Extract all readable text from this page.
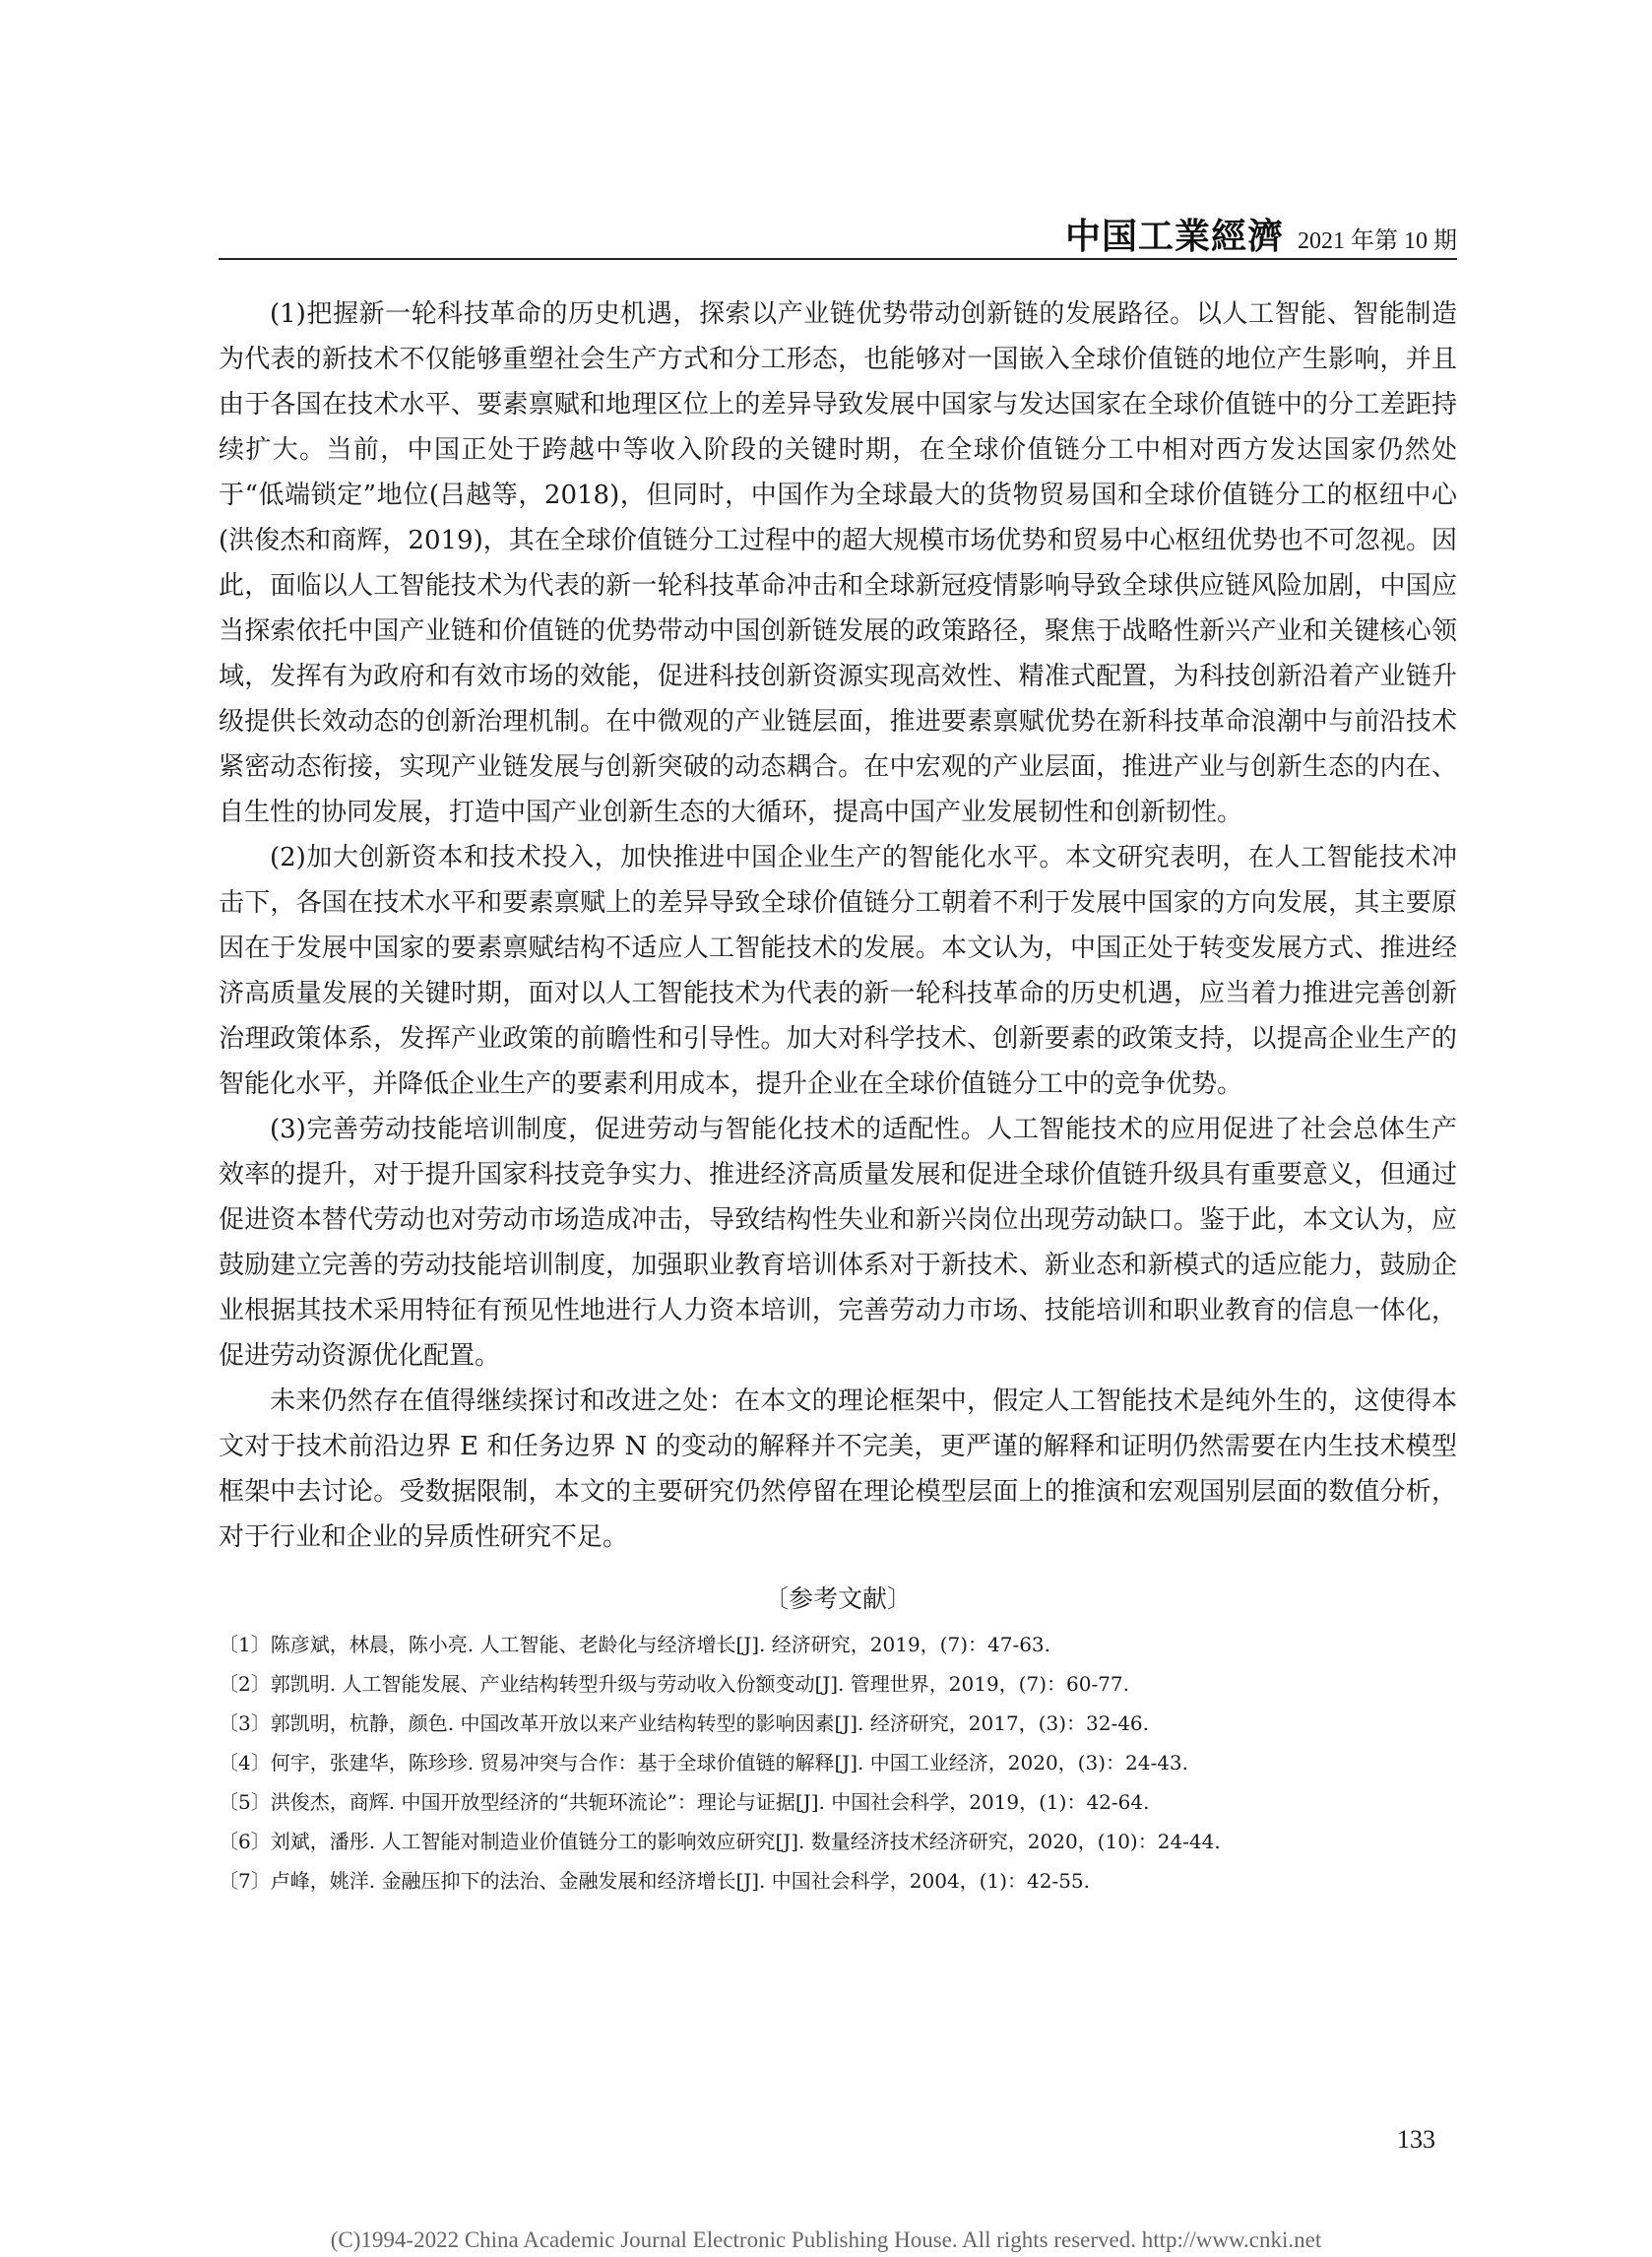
中国工業經濟 2021 年第 10 期

(1)把握新一轮科技革命的历史机遇，探索以产业链优势带动创新链的发展路径。以人工智能、智能制造为代表的新技术不仅能够重塑社会生产方式和分工形态，也能够对一国嵌入全球价值链的地位产生影响，并且由于各国在技术水平、要素禀赋和地理区位上的差异导致发展中国家与发达国家在全球价值链中的分工差距持续扩大。当前，中国正处于跨越中等收入阶段的关键时期，在全球价值链分工中相对西方发达国家仍然处于“低端锁定”地位(吕越等，2018)，但同时，中国作为全球最大的货物贸易国和全球价值链分工的枢纽中心(洪俊杰和商辉，2019)，其在全球价值链分工过程中的超大规模市场优势和贸易中心枢纽优势也不可忽视。因此，面临以人工智能技术为代表的新一轮科技革命冲击和全球新冠疫情影响导致全球供应链风险加剧，中国应当探索依托中国产业链和价值链的优势带动中国创新链发展的政策路径，聚焦于战略性新兴产业和关键核心领域，发挥有为政府和有效市场的效能，促进科技创新资源实现高效性、精准式配置，为科技创新沿着产业链升级提供长效动态的创新治理机制。在中微观的产业链层面，推进要素禀赋优势在新科技革命浪潮中与前沿技术紧密动态衔接，实现产业链发展与创新突破的动态耦合。在中宏观的产业层面，推进产业与创新生态的内在、自生性的协同发展，打造中国产业创新生态的大循环，提高中国产业发展韧性和创新韧性。

(2)加大创新资本和技术投入，加快推进中国企业生产的智能化水平。本文研究表明，在人工智能技术冲击下，各国在技术水平和要素禀赋上的差异导致全球价值链分工朝着不利于发展中国家的方向发展，其主要原因在于发展中国家的要素禀赋结构不适应人工智能技术的发展。本文认为，中国正处于转变发展方式、推进经济高质量发展的关键时期，面对以人工智能技术为代表的新一轮科技革命的历史机遇，应当着力推进完善创新治理政策体系，发挥产业政策的前瞻性和引导性。加大对科学技术、创新要素的政策支持，以提高企业生产的智能化水平，并降低企业生产的要素利用成本，提升企业在全球价值链分工中的竞争优势。

(3)完善劳动技能培训制度，促进劳动与智能化技术的适配性。人工智能技术的应用促进了社会总体生产效率的提升，对于提升国家科技竞争实力、推进经济高质量发展和促进全球价值链升级具有重要意义，但通过促进资本替代劳动也对劳动市场造成冲击，导致结构性失业和新兴岗位出现劳动缺口。鉴于此，本文认为，应鼓励建立完善的劳动技能培训制度，加强职业教育培训体系对于新技术、新业态和新模式的适应能力，鼓励企业根据其技术采用特征有预见性地进行人力资本培训，完善劳动力市场、技能培训和职业教育的信息一体化，促进劳动资源优化配置。

未来仍然存在值得继续探讨和改进之处：在本文的理论框架中，假定人工智能技术是纯外生的，这使得本文对于技术前沿边界 E 和任务边界 N 的变动的解释并不完美，更严谨的解释和证明仍然需要在内生技术模型框架中去讨论。受数据限制，本文的主要研究仍然停留在理论模型层面上的推演和宏观国别层面的数值分析，对于行业和企业的异质性研究不足。

〔参考文献〕
〔1〕陈彦斌，林晨，陈小亮. 人工智能、老龄化与经济增长[J]. 经济研究，2019，(7)：47-63.
〔2〕郭凯明. 人工智能发展、产业结构转型升级与劳动收入份额变动[J]. 管理世界，2019，(7)：60-77.
〔3〕郭凯明，杭静，颜色. 中国改革开放以来产业结构转型的影响因素[J]. 经济研究，2017，(3)：32-46.
〔4〕何宇，张建华，陈珍珍. 贸易冲突与合作：基于全球价值链的解释[J]. 中国工业经济，2020，(3)：24-43.
〔5〕洪俊杰，商辉. 中国开放型经济的“共轭环流论”：理论与证据[J]. 中国社会科学，2019，(1)：42-64.
〔6〕刘斌，潘彤. 人工智能对制造业价值链分工的影响效应研究[J]. 数量经济技术经济研究，2020，(10)：24-44.
〔7〕卢峰，姚洋. 金融压抑下的法治、金融发展和经济增长[J]. 中国社会科学，2004，(1)：42-55.
133
(C)1994-2022 China Academic Journal Electronic Publishing House. All rights reserved. http://www.cnki.net
